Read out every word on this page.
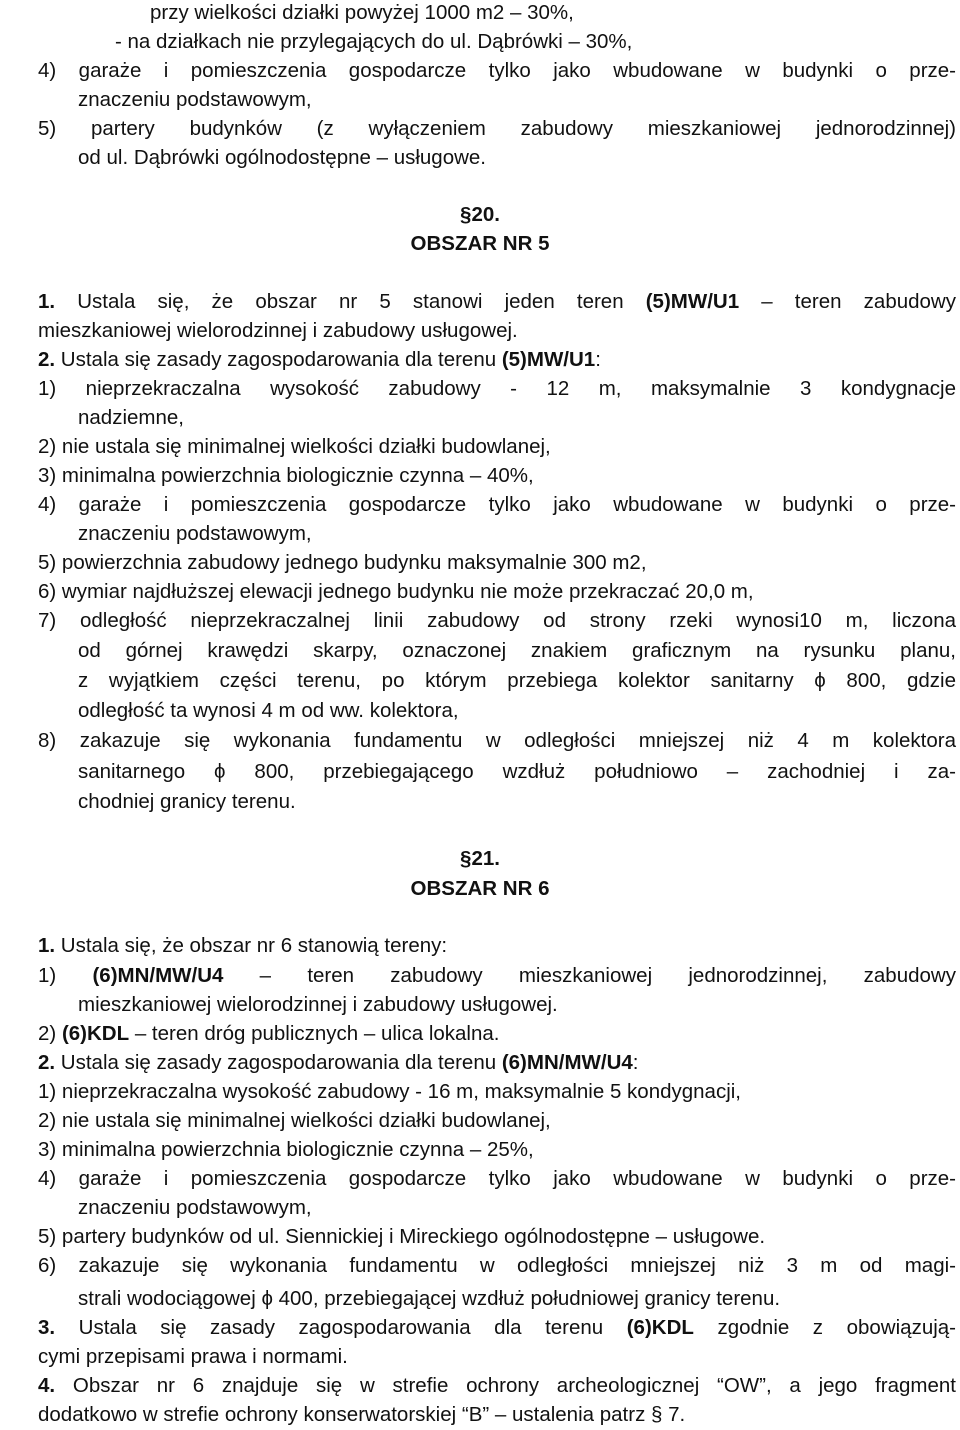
przy wielkości działki powyżej 1000 m2 – 30%,
- na działkach nie przylegających do ul. Dąbrówki – 30%,
4) garaże i pomieszczenia gospodarcze tylko jako wbudowane w budynki o prze-
znaczeniu podstawowym,
5) partery budynków (z wyłączeniem zabudowy mieszkaniowej jednorodzinnej)
od ul. Dąbrówki ogólnodostępne – usługowe.
§20.
OBSZAR NR 5
1. Ustala się, że obszar nr 5 stanowi jeden teren (5)MW/U1 – teren zabudowy
mieszkaniowej wielorodzinnej i zabudowy usługowej.
2. Ustala się zasady zagospodarowania dla terenu (5)MW/U1:
1) nieprzekraczalna wysokość zabudowy - 12 m, maksymalnie 3 kondygnacje
nadziemne,
2) nie ustala się minimalnej wielkości działki budowlanej,
3) minimalna powierzchnia biologicznie czynna – 40%,
4) garaże i pomieszczenia gospodarcze tylko jako wbudowane w budynki o prze-
znaczeniu podstawowym,
5) powierzchnia zabudowy jednego budynku maksymalnie 300 m2,
6) wymiar najdłuższej elewacji jednego budynku nie może przekraczać 20,0 m,
7) odległość nieprzekraczalnej linii zabudowy od strony rzeki wynosi10 m, liczona
od górnej krawędzi skarpy, oznaczonej znakiem graficznym na rysunku planu,
z wyjątkiem części terenu, po którym przebiega kolektor sanitarny ϕ 800, gdzie
odległość ta wynosi 4 m od ww. kolektora,
8) zakazuje się wykonania fundamentu w odległości mniejszej niż 4 m kolektora
sanitarnego ϕ 800, przebiegającego wzdłuż południowo – zachodniej i za-
chodniej granicy terenu.
§21.
OBSZAR NR 6
1. Ustala się, że obszar nr 6 stanowią tereny:
1) (6)MN/MW/U4 – teren zabudowy mieszkaniowej jednorodzinnej, zabudowy
mieszkaniowej wielorodzinnej i zabudowy usługowej.
2) (6)KDL – teren dróg publicznych – ulica lokalna.
2. Ustala się zasady zagospodarowania dla terenu (6)MN/MW/U4:
1) nieprzekraczalna wysokość zabudowy - 16 m, maksymalnie 5 kondygnacji,
2) nie ustala się minimalnej wielkości działki budowlanej,
3) minimalna powierzchnia biologicznie czynna – 25%,
4) garaże i pomieszczenia gospodarcze tylko jako wbudowane w budynki o prze-
znaczeniu podstawowym,
5) partery budynków od ul. Siennickiej i Mireckiego ogólnodostępne – usługowe.
6) zakazuje się wykonania fundamentu w odległości mniejszej niż 3 m od magi-
strali wodociągowej ϕ 400, przebiegającej wzdłuż południowej granicy terenu.
3. Ustala się zasady zagospodarowania dla terenu (6)KDL zgodnie z obowiązują-
cymi przepisami prawa i normami.
4. Obszar nr 6 znajduje się w strefie ochrony archeologicznej “OW”, a jego fragment
dodatkowo w strefie ochrony konserwatorskiej “B” – ustalenia patrz § 7.
